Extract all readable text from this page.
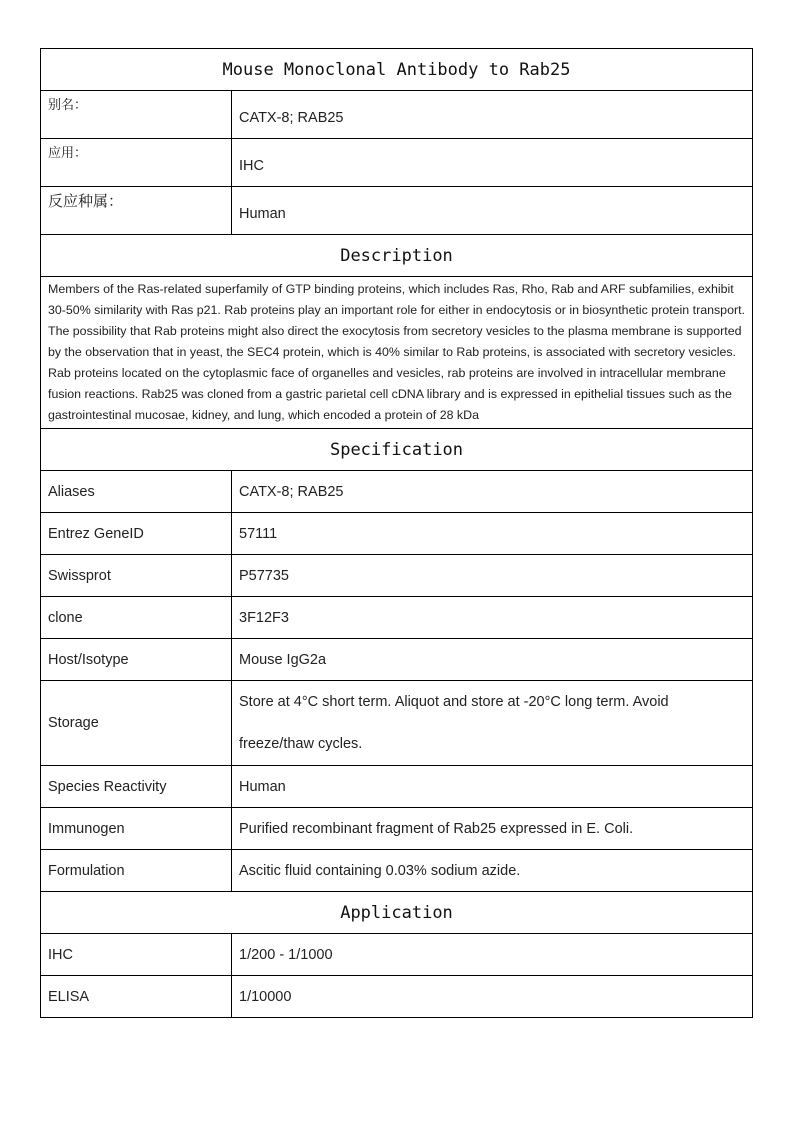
Mouse Monoclonal Antibody to Rab25	
别名：	CATX-8; RAB25
应用：	IHC
反应种属：	Human
Description	

Members of the Ras-related superfamily of GTP binding proteins, which includes Ras, Rho, Rab and ARF subfamilies, exhibit 30-50% similarity with Ras p21. Rab proteins play an important role for either in endocytosis or in biosynthetic protein transport. The possibility that Rab proteins might also direct the exocytosis from secretory vesicles to the plasma membrane is supported by the observation that in yeast, the SEC4 protein, which is 40% similar to Rab proteins, is associated with secretory vesicles.

Rab proteins located on the cytoplasmic face of organelles and vesicles, rab proteins are involved in intracellular membrane fusion reactions. Rab25 was cloned from a gastric parietal cell cDNA library and is expressed in epithelial tissues such as the gastrointestinal mucosae, kidney, and lung, which encoded a protein of 28 kDa	

Specification	
Aliases	CATX-8; RAB25
Entrez GeneID	57111
Swissprot	P57735
clone	3F12F3
Host/Isotype	Mouse IgG2a
Storage	Store at 4°C short term. Aliquot and store at -20°C long term. Avoid
freeze/thaw cycles.

Species Reactivity	Human
Immunogen	Purified recombinant fragment of Rab25 expressed in E. Coli.
Formulation	Ascitic fluid containing 0.03% sodium azide.
Application	
IHC	1/200 - 1/1000
ELISA	1/10000
